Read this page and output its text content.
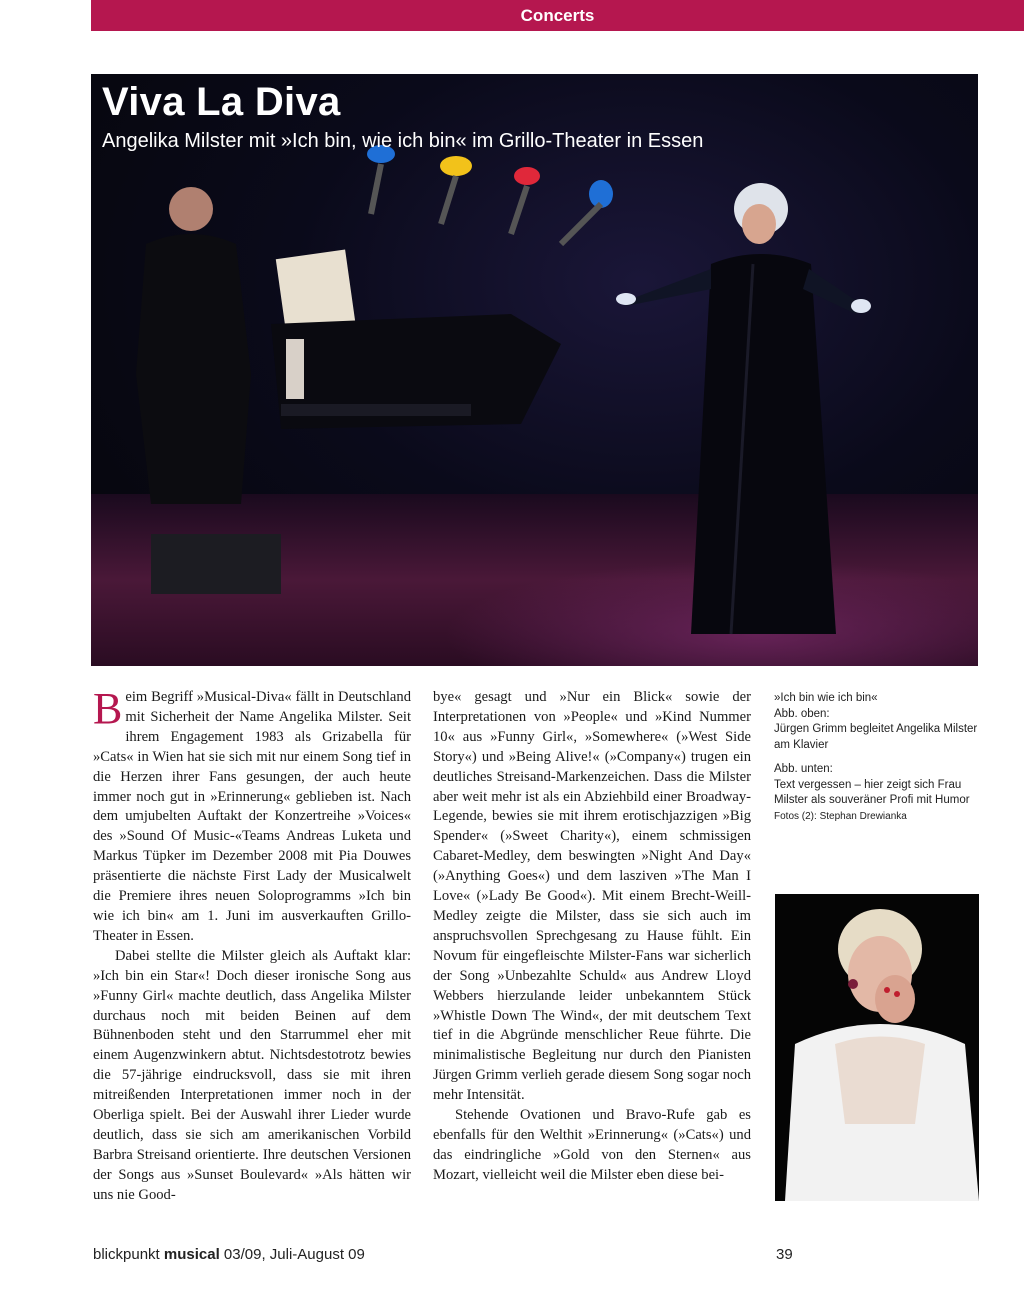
Concerts
Viva La Diva
Angelika Milster mit »Ich bin, wie ich bin« im Grillo-Theater in Essen

Beim Begriff »Musical-Diva« fällt in Deutschland mit Sicherheit der Name Angelika Milster. Seit ihrem Engagement 1983 als Grizabella für »Cats« in Wien hat sie sich mit nur einem Song tief in die Herzen ihrer Fans gesungen, der auch heute immer noch gut in »Erinnerung« geblieben ist. Nach dem umjubelten Auftakt der Konzertreihe »Voices« des »Sound Of Music-«Teams Andreas Luketa und Markus Tüpker im Dezember 2008 mit Pia Douwes präsentierte die nächste First Lady der Musicalwelt die Premiere ihres neuen Soloprogramms »Ich bin wie ich bin« am 1. Juni im ausverkauften Grillo-Theater in Essen.

Dabei stellte die Milster gleich als Auftakt klar: »Ich bin ein Star«! Doch dieser ironische Song aus »Funny Girl« machte deutlich, dass Angelika Milster durchaus noch mit beiden Beinen auf dem Bühnenboden steht und den Starrummel eher mit einem Augenzwinkern abtut. Nichtsdestotrotz bewies die 57-jährige eindrucksvoll, dass sie mit ihren mitreißenden Interpretationen immer noch in der Oberliga spielt. Bei der Auswahl ihrer Lieder wurde deutlich, dass sie sich am amerikanischen Vorbild Barbra Streisand orientierte. Ihre deutschen Versionen der Songs aus »Sunset Boulevard« »Als hätten wir uns nie Good-

bye« gesagt und »Nur ein Blick« sowie der Interpretationen von »People« und »Kind Nummer 10« aus »Funny Girl«, »Somewhere« (»West Side Story«) und »Being Alive!« (»Company«) trugen ein deutliches Streisand-Markenzeichen. Dass die Milster aber weit mehr ist als ein Abziehbild einer Broadway-Legende, bewies sie mit ihrem erotischjazzigen »Big Spender« (»Sweet Charity«), einem schmissigen Cabaret-Medley, dem beswingten »Night And Day« (»Anything Goes«) und dem lasziven »The Man I Love« (»Lady Be Good«). Mit einem Brecht-Weill-Medley zeigte die Milster, dass sie sich auch im anspruchsvollen Sprechgesang zu Hause fühlt. Ein Novum für eingefleischte Milster-Fans war sicherlich der Song »Unbezahlte Schuld« aus Andrew Lloyd Webbers hierzulande leider unbekanntem Stück »Whistle Down The Wind«, der mit deutschem Text tief in die Abgründe menschlicher Reue führte. Die minimalistische Begleitung nur durch den Pianisten Jürgen Grimm verlieh gerade diesem Song sogar noch mehr Intensität.

Stehende Ovationen und Bravo-Rufe gab es ebenfalls für den Welthit »Erinnerung« (»Cats«) und das eindringliche »Gold von den Sternen« aus Mozart, vielleicht weil die Milster eben diese bei-

»Ich bin wie ich bin«
Abb. oben:
Jürgen Grimm begleitet Angelika Milster am Klavier
Abb. unten:
Text vergessen – hier zeigt sich Frau Milster als souveräner Profi mit Humor
Fotos (2): Stephan Drewianka
blickpunkt musical 03/09, Juli-August 09	39
